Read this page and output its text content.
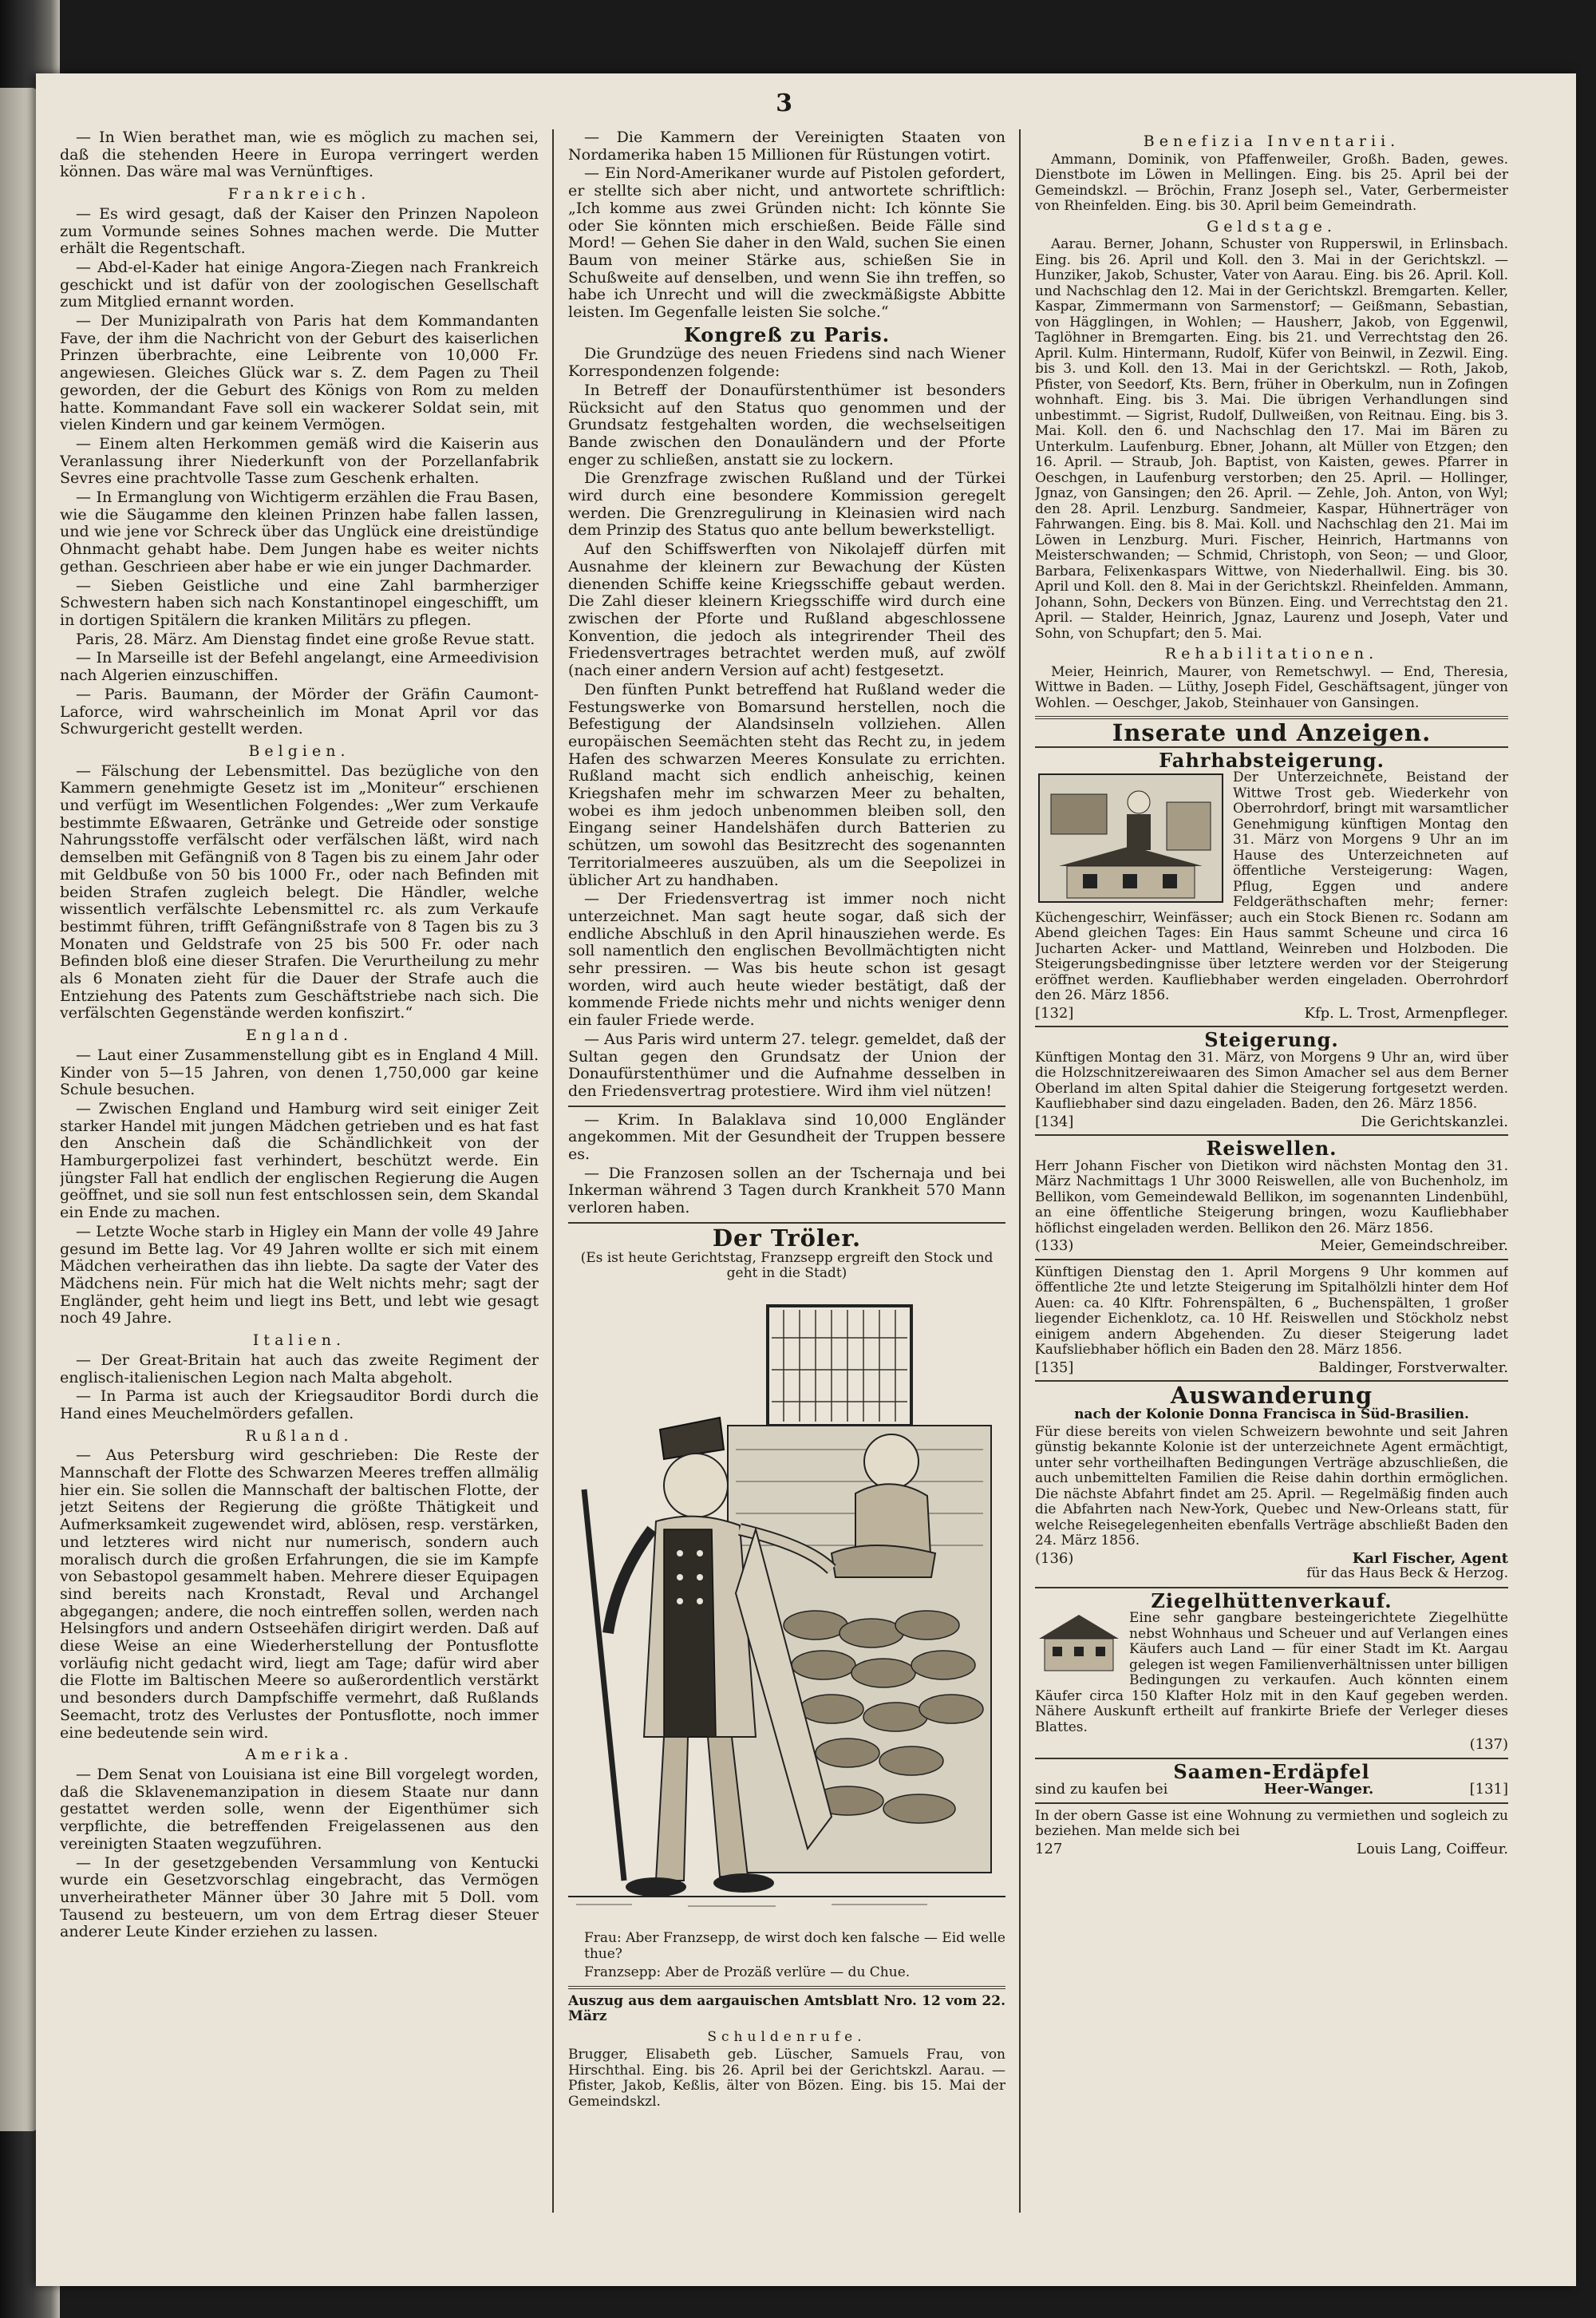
3

— In Wien berathet man, wie es möglich zu machen sei, daß die stehenden Heere in Europa verringert werden können. Das wäre mal was Vernünftiges.

Frankreich.

— Es wird gesagt, daß der Kaiser den Prinzen Napoleon zum Vormunde seines Sohnes machen werde. Die Mutter erhält die Regentschaft.

— Abd-el-Kader hat einige Angora-Ziegen nach Frankreich geschickt und ist dafür von der zoologischen Gesellschaft zum Mitglied ernannt worden.

— Der Munizipalrath von Paris hat dem Kommandanten Fave, der ihm die Nachricht von der Geburt des kaiserlichen Prinzen überbrachte, eine Leibrente von 10,000 Fr. angewiesen. Gleiches Glück war s. Z. dem Pagen zu Theil geworden, der die Geburt des Königs von Rom zu melden hatte. Kommandant Fave soll ein wackerer Soldat sein, mit vielen Kindern und gar keinem Vermögen.

— Einem alten Herkommen gemäß wird die Kaiserin aus Veranlassung ihrer Niederkunft von der Porzellanfabrik Sevres eine prachtvolle Tasse zum Geschenk erhalten.

— In Ermanglung von Wichtigerm erzählen die Frau Basen, wie die Säugamme den kleinen Prinzen habe fallen lassen, und wie jene vor Schreck über das Unglück eine dreistündige Ohnmacht gehabt habe. Dem Jungen habe es weiter nichts gethan. Geschrieen aber habe er wie ein junger Dachmarder.

— Sieben Geistliche und eine Zahl barmherziger Schwestern haben sich nach Konstantinopel eingeschifft, um in dortigen Spitälern die kranken Militärs zu pflegen.

Paris, 28. März. Am Dienstag findet eine große Revue statt.

— In Marseille ist der Befehl angelangt, eine Armeedivision nach Algerien einzuschiffen.

— Paris. Baumann, der Mörder der Gräfin Caumont-Laforce, wird wahrscheinlich im Monat April vor das Schwurgericht gestellt werden.

Belgien.

— Fälschung der Lebensmittel. Das bezügliche von den Kammern genehmigte Gesetz ist im „Moniteur“ erschienen und verfügt im Wesentlichen Folgendes: „Wer zum Verkaufe bestimmte Eßwaaren, Getränke und Getreide oder sonstige Nahrungsstoffe verfälscht oder verfälschen läßt, wird nach demselben mit Gefängniß von 8 Tagen bis zu einem Jahr oder mit Geldbuße von 50 bis 1000 Fr., oder nach Befinden mit beiden Strafen zugleich belegt. Die Händler, welche wissentlich verfälschte Lebensmittel rc. als zum Verkaufe bestimmt führen, trifft Gefängnißstrafe von 8 Tagen bis zu 3 Monaten und Geldstrafe von 25 bis 500 Fr. oder nach Befinden bloß eine dieser Strafen. Die Verurtheilung zu mehr als 6 Monaten zieht für die Dauer der Strafe auch die Entziehung des Patents zum Geschäftstriebe nach sich. Die verfälschten Gegenstände werden konfiszirt.“

England.

— Laut einer Zusammenstellung gibt es in England 4 Mill. Kinder von 5—15 Jahren, von denen 1,750,000 gar keine Schule besuchen.

— Zwischen England und Hamburg wird seit einiger Zeit starker Handel mit jungen Mädchen getrieben und es hat fast den Anschein daß die Schändlichkeit von der Hamburgerpolizei fast verhindert, beschützt werde. Ein jüngster Fall hat endlich der englischen Regierung die Augen geöffnet, und sie soll nun fest entschlossen sein, dem Skandal ein Ende zu machen.

— Letzte Woche starb in Higley ein Mann der volle 49 Jahre gesund im Bette lag. Vor 49 Jahren wollte er sich mit einem Mädchen verheirathen das ihn liebte. Da sagte der Vater des Mädchens nein. Für mich hat die Welt nichts mehr; sagt der Engländer, geht heim und liegt ins Bett, und lebt wie gesagt noch 49 Jahre.

Italien.

— Der Great-Britain hat auch das zweite Regiment der englisch-italienischen Legion nach Malta abgeholt.

— In Parma ist auch der Kriegsauditor Bordi durch die Hand eines Meuchelmörders gefallen.

Rußland.

— Aus Petersburg wird geschrieben: Die Reste der Mannschaft der Flotte des Schwarzen Meeres treffen allmälig hier ein. Sie sollen die Mannschaft der baltischen Flotte, der jetzt Seitens der Regierung die größte Thätigkeit und Aufmerksamkeit zugewendet wird, ablösen, resp. verstärken, und letzteres wird nicht nur numerisch, sondern auch moralisch durch die großen Erfahrungen, die sie im Kampfe von Sebastopol gesammelt haben. Mehrere dieser Equipagen sind bereits nach Kronstadt, Reval und Archangel abgegangen; andere, die noch eintreffen sollen, werden nach Helsingfors und andern Ostseehäfen dirigirt werden. Daß auf diese Weise an eine Wiederherstellung der Pontusflotte vorläufig nicht gedacht wird, liegt am Tage; dafür wird aber die Flotte im Baltischen Meere so außerordentlich verstärkt und besonders durch Dampfschiffe vermehrt, daß Rußlands Seemacht, trotz des Verlustes der Pontusflotte, noch immer eine bedeutende sein wird.

Amerika.

— Dem Senat von Louisiana ist eine Bill vorgelegt worden, daß die Sklavenemanzipation in diesem Staate nur dann gestattet werden solle, wenn der Eigenthümer sich verpflichte, die betreffenden Freigelassenen aus den vereinigten Staaten wegzuführen.

— In der gesetzgebenden Versammlung von Kentucki wurde ein Gesetzvorschlag eingebracht, das Vermögen unverheiratheter Männer über 30 Jahre mit 5 Doll. vom Tausend zu besteuern, um von dem Ertrag dieser Steuer anderer Leute Kinder erziehen zu lassen.

— Die Kammern der Vereinigten Staaten von Nordamerika haben 15 Millionen für Rüstungen votirt.

— Ein Nord-Amerikaner wurde auf Pistolen gefordert, er stellte sich aber nicht, und antwortete schriftlich: „Ich komme aus zwei Gründen nicht: Ich könnte Sie oder Sie könnten mich erschießen. Beide Fälle sind Mord! — Gehen Sie daher in den Wald, suchen Sie einen Baum von meiner Stärke aus, schießen Sie in Schußweite auf denselben, und wenn Sie ihn treffen, so habe ich Unrecht und will die zweckmäßigste Abbitte leisten. Im Gegenfalle leisten Sie solche.“

Kongreß zu Paris.

Die Grundzüge des neuen Friedens sind nach Wiener Korrespondenzen folgende:

In Betreff der Donaufürstenthümer ist besonders Rücksicht auf den Status quo genommen und der Grundsatz festgehalten worden, die wechselseitigen Bande zwischen den Donauländern und der Pforte enger zu schließen, anstatt sie zu lockern.

Die Grenzfrage zwischen Rußland und der Türkei wird durch eine besondere Kommission geregelt werden. Die Grenzregulirung in Kleinasien wird nach dem Prinzip des Status quo ante bellum bewerkstelligt.

Auf den Schiffswerften von Nikolajeff dürfen mit Ausnahme der kleinern zur Bewachung der Küsten dienenden Schiffe keine Kriegsschiffe gebaut werden. Die Zahl dieser kleinern Kriegsschiffe wird durch eine zwischen der Pforte und Rußland abgeschlossene Konvention, die jedoch als integrirender Theil des Friedensvertrages betrachtet werden muß, auf zwölf (nach einer andern Version auf acht) festgesetzt.

Den fünften Punkt betreffend hat Rußland weder die Festungswerke von Bomarsund herstellen, noch die Befestigung der Alandsinseln vollziehen. Allen europäischen Seemächten steht das Recht zu, in jedem Hafen des schwarzen Meeres Konsulate zu errichten. Rußland macht sich endlich anheischig, keinen Kriegshafen mehr im schwarzen Meer zu behalten, wobei es ihm jedoch unbenommen bleiben soll, den Eingang seiner Handelshäfen durch Batterien zu schützen, um sowohl das Besitzrecht des sogenannten Territorialmeeres auszuüben, als um die Seepolizei in üblicher Art zu handhaben.

— Der Friedensvertrag ist immer noch nicht unterzeichnet. Man sagt heute sogar, daß sich der endliche Abschluß in den April hinausziehen werde. Es soll namentlich den englischen Bevollmächtigten nicht sehr pressiren. — Was bis heute schon ist gesagt worden, wird auch heute wieder bestätigt, daß der kommende Friede nichts mehr und nichts weniger denn ein fauler Friede werde.

— Aus Paris wird unterm 27. telegr. gemeldet, daß der Sultan gegen den Grundsatz der Union der Donaufürstenthümer und die Aufnahme desselben in den Friedensvertrag protestiere. Wird ihm viel nützen!

— Krim. In Balaklava sind 10,000 Engländer angekommen. Mit der Gesundheit der Truppen bessere es.

— Die Franzosen sollen an der Tschernaja und bei Inkerman während 3 Tagen durch Krankheit 570 Mann verloren haben.

Der Tröler.
(Es ist heute Gerichtstag, Franzsepp ergreift den Stock und geht in die Stadt)
Frau: Aber Franzsepp, de wirst doch ken falsche — Eid welle thue?
Franzsepp: Aber de Prozäß verlüre — du Chue.
Auszug aus dem aargauischen Amtsblatt Nro. 12 vom 22. März
Schuldenrufe.
Brugger, Elisabeth geb. Lüscher, Samuels Frau, von Hirschthal. Eing. bis 26. April bei der Gerichtskzl. Aarau. — Pfister, Jakob, Keßlis, älter von Bözen. Eing. bis 15. Mai der Gemeindskzl.
Benefizia Inventarii.

Ammann, Dominik, von Pfaffenweiler, Großh. Baden, gewes. Dienstbote im Löwen in Mellingen. Eing. bis 25. April bei der Gemeindskzl. — Bröchin, Franz Joseph sel., Vater, Gerbermeister von Rheinfelden. Eing. bis 30. April beim Gemeindrath.

Geldstage.

Aarau. Berner, Johann, Schuster von Rupperswil, in Erlinsbach. Eing. bis 26. April und Koll. den 3. Mai in der Gerichtskzl. — Hunziker, Jakob, Schuster, Vater von Aarau. Eing. bis 26. April. Koll. und Nachschlag den 12. Mai in der Gerichtskzl. Bremgarten. Keller, Kaspar, Zimmermann von Sarmenstorf; — Geißmann, Sebastian, von Hägglingen, in Wohlen; — Hausherr, Jakob, von Eggenwil, Taglöhner in Bremgarten. Eing. bis 21. und Verrechtstag den 26. April. Kulm. Hintermann, Rudolf, Küfer von Beinwil, in Zezwil. Eing. bis 3. und Koll. den 13. Mai in der Gerichtskzl. — Roth, Jakob, Pfister, von Seedorf, Kts. Bern, früher in Oberkulm, nun in Zofingen wohnhaft. Eing. bis 3. Mai. Die übrigen Verhandlungen sind unbestimmt. — Sigrist, Rudolf, Dullweißen, von Reitnau. Eing. bis 3. Mai. Koll. den 6. und Nachschlag den 17. Mai im Bären zu Unterkulm. Laufenburg. Ebner, Johann, alt Müller von Etzgen; den 16. April. — Straub, Joh. Baptist, von Kaisten, gewes. Pfarrer in Oeschgen, in Laufenburg verstorben; den 25. April. — Hollinger, Jgnaz, von Gansingen; den 26. April. — Zehle, Joh. Anton, von Wyl; den 28. April. Lenzburg. Sandmeier, Kaspar, Hühnerträger von Fahrwangen. Eing. bis 8. Mai. Koll. und Nachschlag den 21. Mai im Löwen in Lenzburg. Muri. Fischer, Heinrich, Hartmanns von Meisterschwanden; — Schmid, Christoph, von Seon; — und Gloor, Barbara, Felixenkaspars Wittwe, von Niederhallwil. Eing. bis 30. April und Koll. den 8. Mai in der Gerichtskzl. Rheinfelden. Ammann, Johann, Sohn, Deckers von Bünzen. Eing. und Verrechtstag den 21. April. — Stalder, Heinrich, Jgnaz, Laurenz und Joseph, Vater und Sohn, von Schupfart; den 5. Mai.

Rehabilitationen.

Meier, Heinrich, Maurer, von Remetschwyl. — End, Theresia, Wittwe in Baden. — Lüthy, Joseph Fidel, Geschäftsagent, jünger von Wohlen. — Oeschger, Jakob, Steinhauer von Gansingen.

Inserate und Anzeigen.
Fahrhabsteigerung.

Der Unterzeichnete, Beistand der Wittwe Trost geb. Wiederkehr von Oberrohrdorf, bringt mit warsamtlicher Genehmigung künftigen Montag den 31. März von Morgens 9 Uhr an im Hause des Unterzeichneten auf öffentliche Versteigerung: Wagen, Pflug, Eggen und andere Feldgeräthschaften mehr; ferner: Küchengeschirr, Weinfässer; auch ein Stock Bienen rc. Sodann am Abend gleichen Tages: Ein Haus sammt Scheune und circa 16 Jucharten Acker- und Mattland, Weinreben und Holzboden. Die Steigerungsbedingnisse über letztere werden vor der Steigerung eröffnet werden. Kaufliebhaber werden eingeladen. Oberrohrdorf den 26. März 1856.

[132]	Kfp. L. Trost, Armenpfleger.
Steigerung.

Künftigen Montag den 31. März, von Morgens 9 Uhr an, wird über die Holzschnitzereiwaaren des Simon Amacher sel aus dem Berner Oberland im alten Spital dahier die Steigerung fortgesetzt werden. Kaufliebhaber sind dazu eingeladen. Baden, den 26. März 1856.

[134]	Die Gerichtskanzlei.
Reiswellen.

Herr Johann Fischer von Dietikon wird nächsten Montag den 31. März Nachmittags 1 Uhr 3000 Reiswellen, alle von Buchenholz, im Bellikon, vom Gemeindewald Bellikon, im sogenannten Lindenbühl, an eine öffentliche Steigerung bringen, wozu Kaufliebhaber höflichst eingeladen werden. Bellikon den 26. März 1856.

(133)	Meier, Gemeindschreiber.

Künftigen Dienstag den 1. April Morgens 9 Uhr kommen auf öffentliche 2te und letzte Steigerung im Spitalhölzli hinter dem Hof Auen: ca. 40 Klftr. Fohrenspälten, 6 „ Buchenspälten, 1 großer liegender Eichenklotz, ca. 10 Hf. Reiswellen und Stöckholz nebst einigem andern Abgehenden. Zu dieser Steigerung ladet Kaufsliebhaber höflich ein Baden den 28. März 1856.

[135]	Baldinger, Forstverwalter.
Auswanderung
nach der Kolonie Donna Francisca in Süd-Brasilien.

Für diese bereits von vielen Schweizern bewohnte und seit Jahren günstig bekannte Kolonie ist der unterzeichnete Agent ermächtigt, unter sehr vortheilhaften Bedingungen Verträge abzuschließen, die auch unbemittelten Familien die Reise dahin dorthin ermöglichen. Die nächste Abfahrt findet am 25. April. — Regelmäßig finden auch die Abfahrten nach New-York, Quebec und New-Orleans statt, für welche Reisegelegenheiten ebenfalls Verträge abschließt Baden den 24. März 1856.

(136)	Karl Fischer, Agent
für das Haus Beck & Herzog.
Ziegelhüttenverkauf.

Eine sehr gangbare besteingerichtete Ziegelhütte nebst Wohnhaus und Scheuer und auf Verlangen eines Käufers auch Land — für einer Stadt im Kt. Aargau gelegen ist wegen Familienverhältnissen unter billigen Bedingungen zu verkaufen. Auch könnten einem Käufer circa 150 Klafter Holz mit in den Kauf gegeben werden. Nähere Auskunft ertheilt auf frankirte Briefe der Verleger dieses Blattes.

(137)
Saamen-Erdäpfel
sind zu kaufen bei	Heer-Wanger.	[131]

In der obern Gasse ist eine Wohnung zu vermiethen und sogleich zu beziehen. Man melde sich bei

127	Louis Lang, Coiffeur.
